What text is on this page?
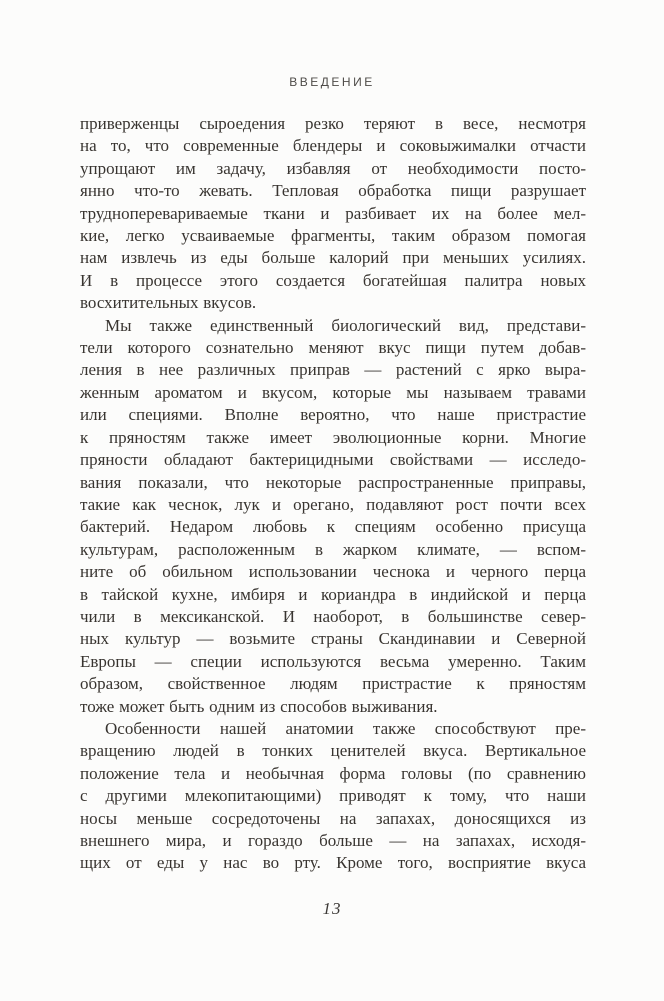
ВВЕДЕНИЕ
приверженцы сыроедения резко теряют в весе, несмотря
на то, что современные блендеры и соковыжималки отчасти
упрощают им задачу, избавляя от необходимости посто-
янно что-то жевать. Тепловая обработка пищи разрушает
трудноперевариваемые ткани и разбивает их на более мел-
кие, легко усваиваемые фрагменты, таким образом помогая
нам извлечь из еды больше калорий при меньших усилиях.
И в процессе этого создается богатейшая палитра новых
восхитительных вкусов.
Мы также единственный биологический вид, представи-
тели которого сознательно меняют вкус пищи путем добав-
ления в нее различных приправ — растений с ярко выра-
женным ароматом и вкусом, которые мы называем травами
или специями. Вполне вероятно, что наше пристрастие
к пряностям также имеет эволюционные корни. Многие
пряности обладают бактерицидными свойствами — исследо-
вания показали, что некоторые распространенные приправы,
такие как чеснок, лук и орегано, подавляют рост почти всех
бактерий. Недаром любовь к специям особенно присуща
культурам, расположенным в жарком климате, — вспом-
ните об обильном использовании чеснока и черного перца
в тайской кухне, имбиря и кориандра в индийской и перца
чили в мексиканской. И наоборот, в большинстве север-
ных культур — возьмите страны Скандинавии и Северной
Европы — специи используются весьма умеренно. Таким
образом, свойственное людям пристрастие к пряностям
тоже может быть одним из способов выживания.
Особенности нашей анатомии также способствуют пре-
вращению людей в тонких ценителей вкуса. Вертикальное
положение тела и необычная форма головы (по сравнению
с другими млекопитающими) приводят к тому, что наши
носы меньше сосредоточены на запахах, доносящихся из
внешнего мира, и гораздо больше — на запахах, исходя-
щих от еды у нас во рту. Кроме того, восприятие вкуса
13
